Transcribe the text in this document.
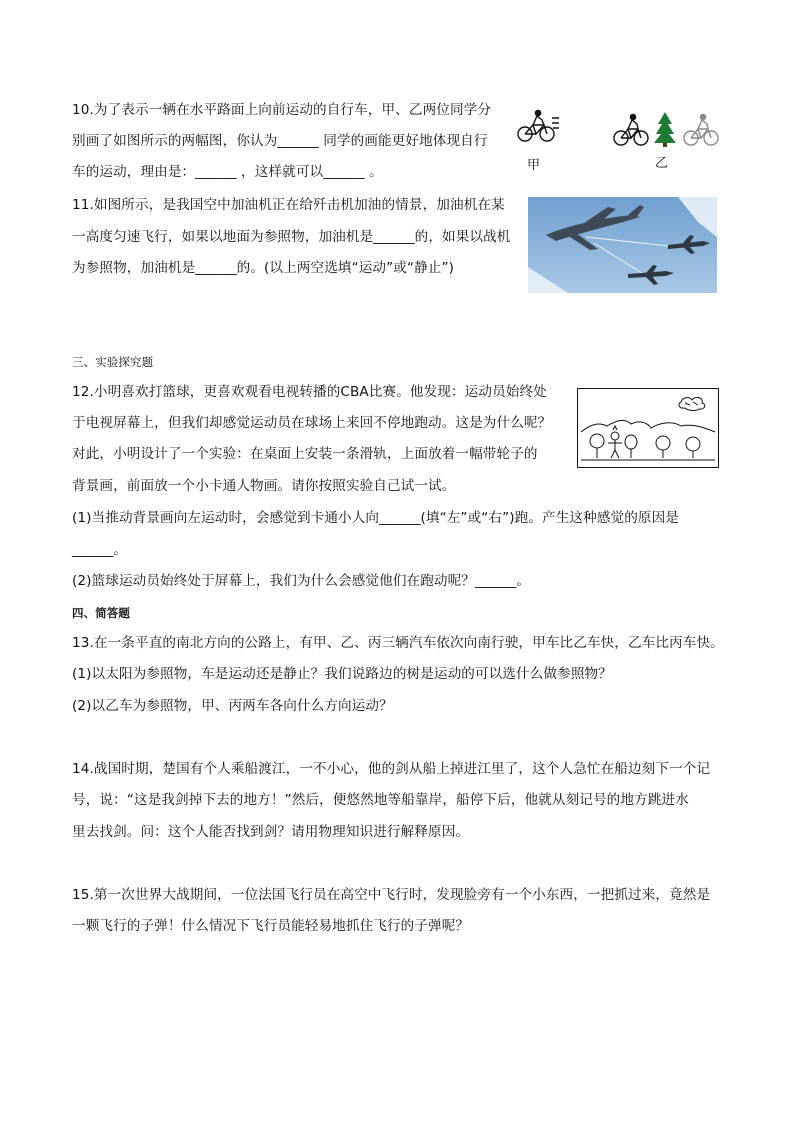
10.为了表示一辆在水平路面上向前运动的自行车，甲、乙两位同学分
别画了如图所示的两幅图，你认为______ 同学的画能更好地体现自行
车的运动，理由是：______ ，这样就可以______ 。	甲	乙
11.如图所示，是我国空中加油机正在给歼击机加油的情景，加油机在某
一高度匀速飞行，如果以地面为参照物，加油机是______的，如果以战机
为参照物，加油机是______的。(以上两空选填“运动”或“静止”)
三、实验探究题
12.小明喜欢打篮球，更喜欢观看电视转播的CBA比赛。他发现：运动员始终处
于电视屏幕上，但我们却感觉运动员在球场上来回不停地跑动。这是为什么呢？
对此，小明设计了一个实验：在桌面上安装一条滑轨，上面放着一幅带轮子的
背景画，前面放一个小卡通人物画。请你按照实验自己试一试。
(1)当推动背景画向左运动时，会感觉到卡通小人向______(填“左”或“右”)跑。产生这种感觉的原因是
______。
(2)篮球运动员始终处于屏幕上，我们为什么会感觉他们在跑动呢？______。
四、简答题
13.在一条平直的南北方向的公路上，有甲、乙、丙三辆汽车依次向南行驶，甲车比乙车快，乙车比丙车快。
(1)以太阳为参照物，车是运动还是静止？我们说路边的树是运动的可以选什么做参照物？
(2)以乙车为参照物，甲、丙两车各向什么方向运动？
14.战国时期，楚国有个人乘船渡江，一不小心，他的剑从船上掉进江里了，这个人急忙在船边刻下一个记
号，说：“这是我剑掉下去的地方！”然后，便悠然地等船靠岸，船停下后，他就从刻记号的地方跳进水
里去找剑。问：这个人能否找到剑？请用物理知识进行解释原因。
15.第一次世界大战期间，一位法国飞行员在高空中飞行时，发现脸旁有一个小东西，一把抓过来，竟然是
一颗飞行的子弹！什么情况下飞行员能轻易地抓住飞行的子弹呢？
